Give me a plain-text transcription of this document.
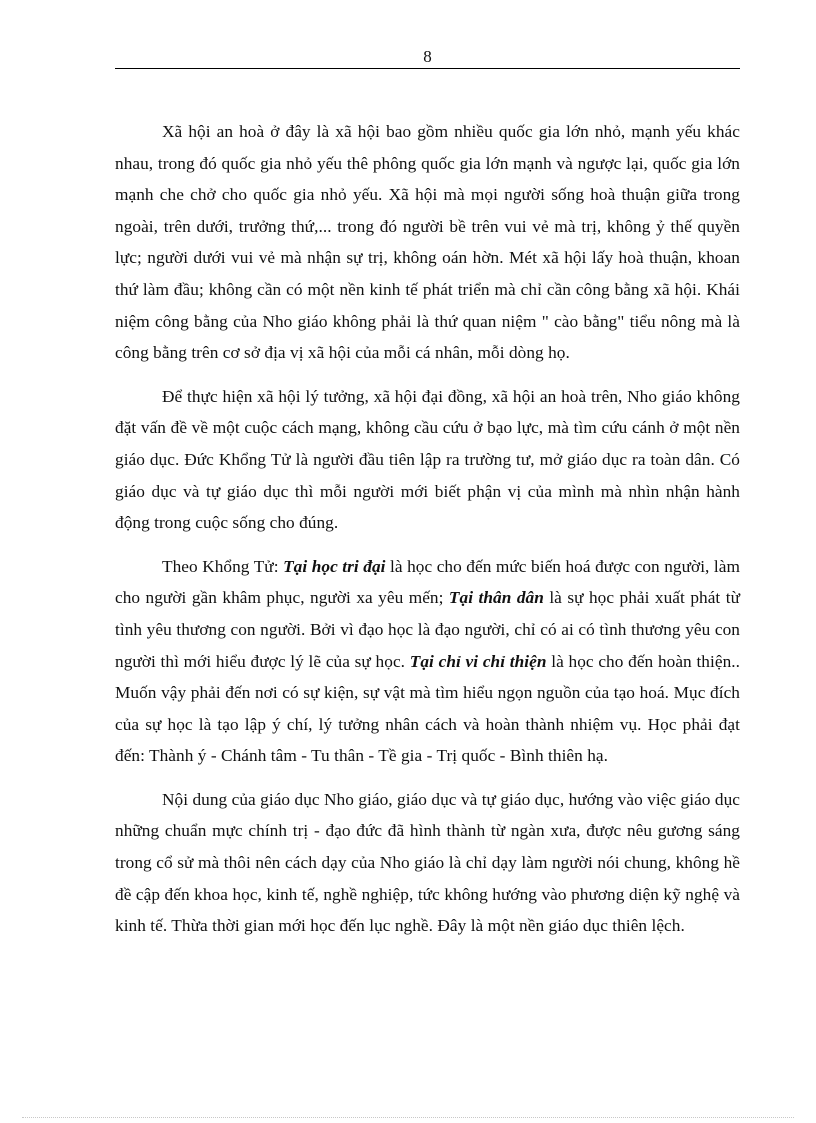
8

Xã hội an hoà ở đây là xã hội bao gồm nhiều quốc gia lớn nhỏ, mạnh yếu khác nhau, trong đó quốc gia nhỏ yếu thê phông quốc gia lớn mạnh và ngược lại, quốc gia lớn mạnh che chở cho quốc gia nhỏ yếu. Xã hội mà mọi người sống hoà thuận giữa trong ngoài, trên dưới, trưởng thứ,... trong đó người bề trên vui vẻ mà trị, không ỷ thế quyền lực; người dưới vui vẻ mà nhận sự trị, không oán hờn. Mét xã hội lấy hoà thuận, khoan thứ làm đầu; không cần có một nền kinh tế phát triển mà chỉ cần công bằng xã hội. Khái niệm công bằng của Nho giáo không phải là thứ quan niệm " cào bằng" tiểu nông mà là công bằng trên cơ sở địa vị xã hội của mỗi cá nhân, mỗi dòng họ.

Để thực hiện xã hội lý tưởng, xã hội đại đồng, xã hội an hoà trên, Nho giáo không đặt vấn đề về một cuộc cách mạng, không cầu cứu ở bạo lực, mà tìm cứu cánh ở một nền giáo dục. Đức Khổng Tử là người đầu tiên lập ra trường tư, mở giáo dục ra toàn dân. Có giáo dục và tự giáo dục thì mỗi người mới biết phận vị của mình mà nhìn nhận hành động trong cuộc sống cho đúng.

Theo Khổng Tử: Tại học tri đại là học cho đến mức biến hoá được con người, làm cho người gần khâm phục, người xa yêu mến; Tại thân dân là sự học phải xuất phát từ tình yêu thương con người. Bởi vì đạo học là đạo người, chỉ có ai có tình thương yêu con người thì mới hiểu được lý lẽ của sự học. Tại chỉ vi chỉ thiện là học cho đến hoàn thiện.. Muốn vậy phải đến nơi có sự kiện, sự vật mà tìm hiểu ngọn nguồn của tạo hoá. Mục đích của sự học là tạo lập ý chí, lý tưởng nhân cách và hoàn thành nhiệm vụ. Học phải đạt đến: Thành ý - Chánh tâm - Tu thân - Tề gia - Trị quốc - Bình thiên hạ.

Nội dung của giáo dục Nho giáo, giáo dục và tự giáo dục, hướng vào việc giáo dục những chuẩn mực chính trị - đạo đức đã hình thành từ ngàn xưa, được nêu gương sáng trong cổ sử mà thôi nên cách dạy của Nho giáo là chỉ dạy làm người nói chung, không hề đề cập đến khoa học, kinh tế, nghề nghiệp, tức không hướng vào phương diện kỹ nghệ và kinh tế. Thừa thời gian mới học đến lục nghề. Đây là một nền giáo dục thiên lệch.
